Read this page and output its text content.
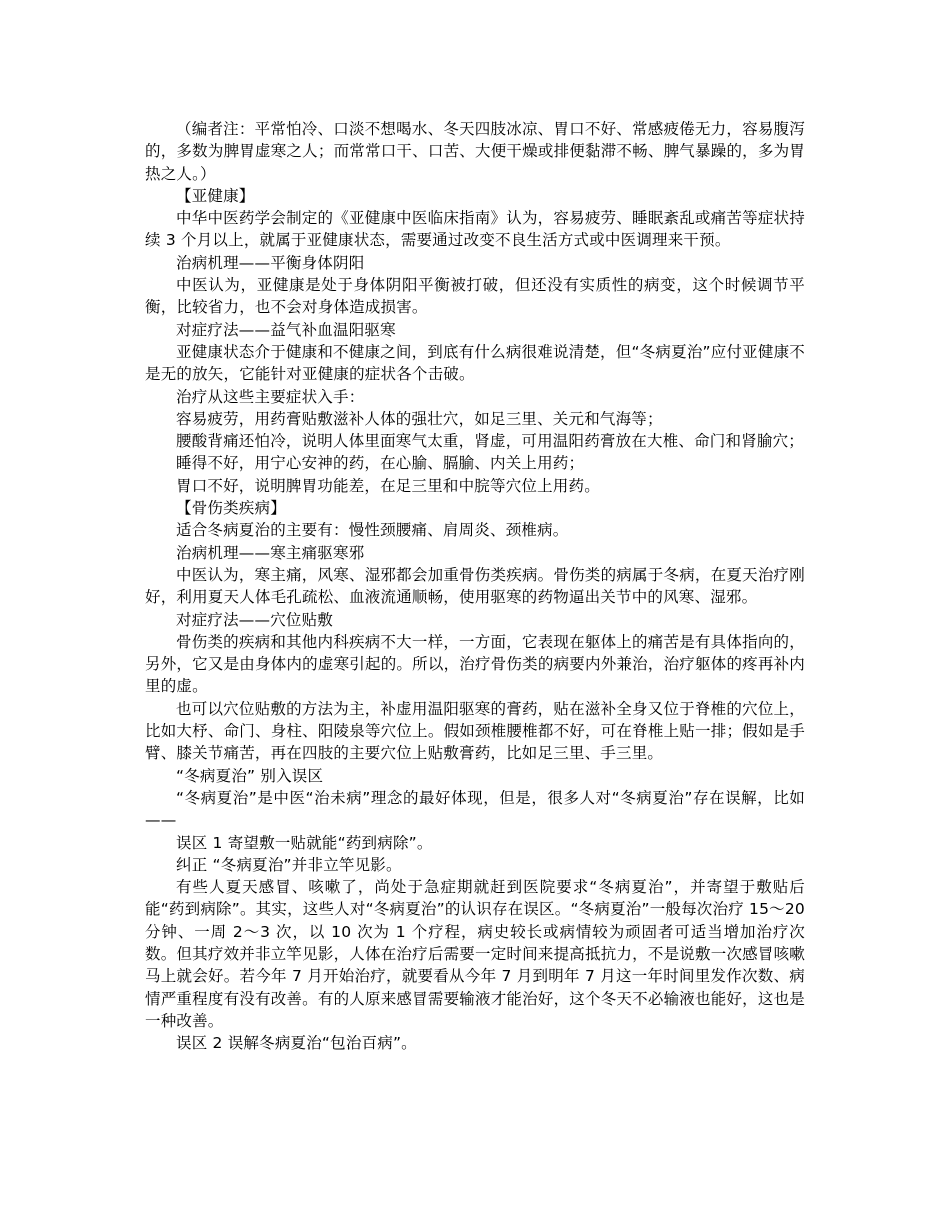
（编者注：平常怕冷、口淡不想喝水、冬天四肢冰凉、胃口不好、常感疲倦无力，容易腹泻的，多数为脾胃虚寒之人；而常常口干、口苦、大便干燥或排便黏滞不畅、脾气暴躁的，多为胃热之人。）

【亚健康】

中华中医药学会制定的《亚健康中医临床指南》认为，容易疲劳、睡眠紊乱或痛苦等症状持续 3 个月以上，就属于亚健康状态，需要通过改变不良生活方式或中医调理来干预。

治病机理——平衡身体阴阳

中医认为，亚健康是处于身体阴阳平衡被打破，但还没有实质性的病变，这个时候调节平衡，比较省力，也不会对身体造成损害。

对症疗法——益气补血温阳驱寒

亚健康状态介于健康和不健康之间，到底有什么病很难说清楚，但“冬病夏治”应付亚健康不是无的放矢，它能针对亚健康的症状各个击破。

治疗从这些主要症状入手：

容易疲劳，用药膏贴敷滋补人体的强壮穴，如足三里、关元和气海等；

腰酸背痛还怕冷，说明人体里面寒气太重，肾虚，可用温阳药膏放在大椎、命门和肾腧穴；

睡得不好，用宁心安神的药，在心腧、膈腧、内关上用药；

胃口不好，说明脾胃功能差，在足三里和中脘等穴位上用药。

【骨伤类疾病】

适合冬病夏治的主要有：慢性颈腰痛、肩周炎、颈椎病。

治病机理——寒主痛驱寒邪

中医认为，寒主痛，风寒、湿邪都会加重骨伤类疾病。骨伤类的病属于冬病，在夏天治疗刚好，利用夏天人体毛孔疏松、血液流通顺畅，使用驱寒的药物逼出关节中的风寒、湿邪。

对症疗法——穴位贴敷

骨伤类的疾病和其他内科疾病不大一样，一方面，它表现在躯体上的痛苦是有具体指向的，另外，它又是由身体内的虚寒引起的。所以，治疗骨伤类的病要内外兼治，治疗躯体的疼再补内里的虚。

也可以穴位贴敷的方法为主，补虚用温阳驱寒的膏药，贴在滋补全身又位于脊椎的穴位上，比如大杼、命门、身柱、阳陵泉等穴位上。假如颈椎腰椎都不好，可在脊椎上贴一排；假如是手臂、膝关节痛苦，再在四肢的主要穴位上贴敷膏药，比如足三里、手三里。

“冬病夏治” 别入误区

“冬病夏治”是中医“治未病”理念的最好体现，但是，很多人对“冬病夏治”存在误解，比如——

误区 1 寄望敷一贴就能“药到病除”。

纠正 “冬病夏治”并非立竿见影。

有些人夏天感冒、咳嗽了，尚处于急症期就赶到医院要求“冬病夏治”，并寄望于敷贴后能“药到病除”。其实，这些人对“冬病夏治”的认识存在误区。“冬病夏治”一般每次治疗 15～20 分钟、一周 2～3 次，以 10 次为 1 个疗程，病史较长或病情较为顽固者可适当增加治疗次数。但其疗效并非立竿见影，人体在治疗后需要一定时间来提高抵抗力，不是说敷一次感冒咳嗽马上就会好。若今年 7 月开始治疗，就要看从今年 7 月到明年 7 月这一年时间里发作次数、病情严重程度有没有改善。有的人原来感冒需要输液才能治好，这个冬天不必输液也能好，这也是一种改善。

误区 2 误解冬病夏治“包治百病”。
